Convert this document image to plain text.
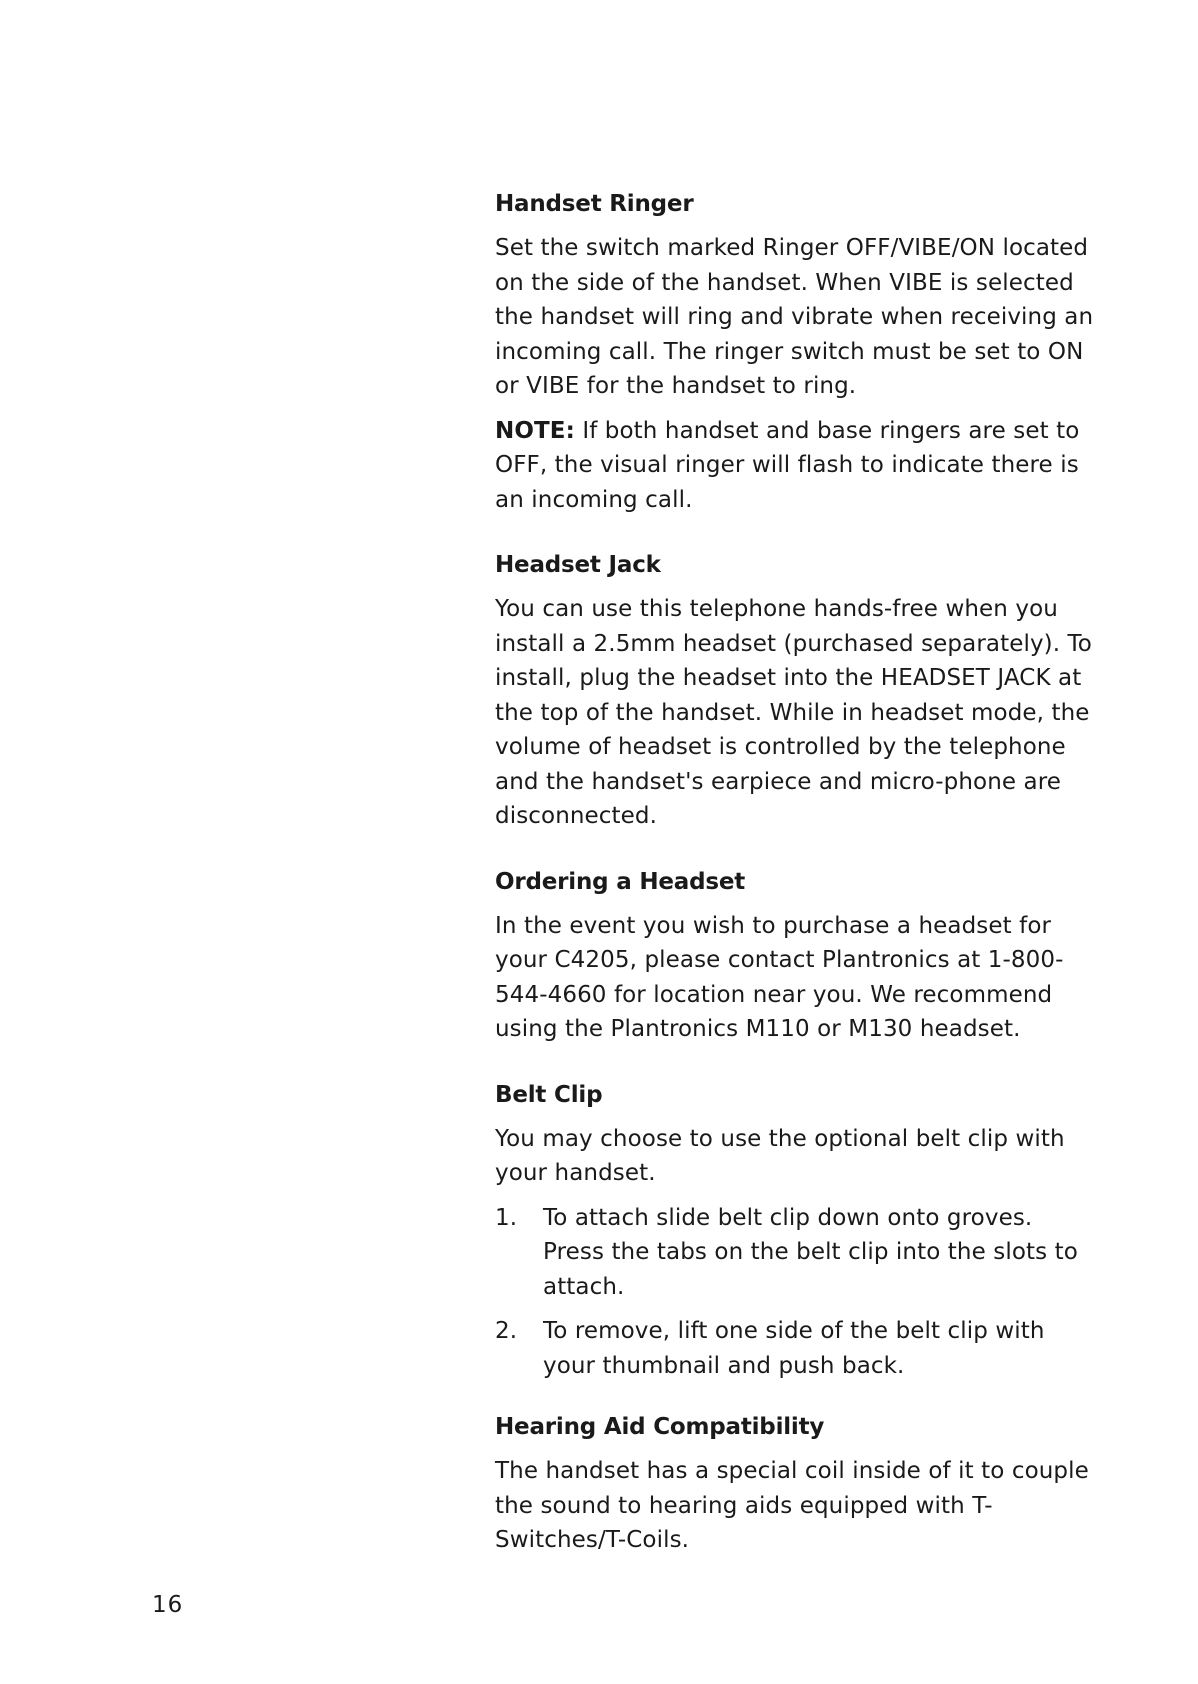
Handset Ringer
Set the switch marked Ringer OFF/VIBE/ON located on the side of the handset. When VIBE is selected the handset will ring and vibrate when receiving an incoming call. The ringer switch must be set to ON or VIBE for the handset to ring.
NOTE: If both handset and base ringers are set to OFF, the visual ringer will flash to indicate there is an incoming call.
Headset Jack
You can use this telephone hands-free when you install a 2.5mm headset (purchased separately). To install, plug the headset into the HEADSET JACK at the top of the handset. While in headset mode, the volume of headset is controlled by the telephone and the handset's earpiece and micro-phone are disconnected.
Ordering a Headset
In the event you wish to purchase a headset for your C4205, please contact Plantronics at 1-800-544-4660 for location near you. We recommend using the Plantronics M110 or M130 headset.
Belt Clip
You may choose to use the optional belt clip with your handset.
1. To attach slide belt clip down onto groves. Press the tabs on the belt clip into the slots to attach.
2. To remove, lift one side of the belt clip with your thumbnail and push back.
Hearing Aid Compatibility
The handset has a special coil inside of it to couple the sound to hearing aids equipped with T-Switches/T-Coils.
16
